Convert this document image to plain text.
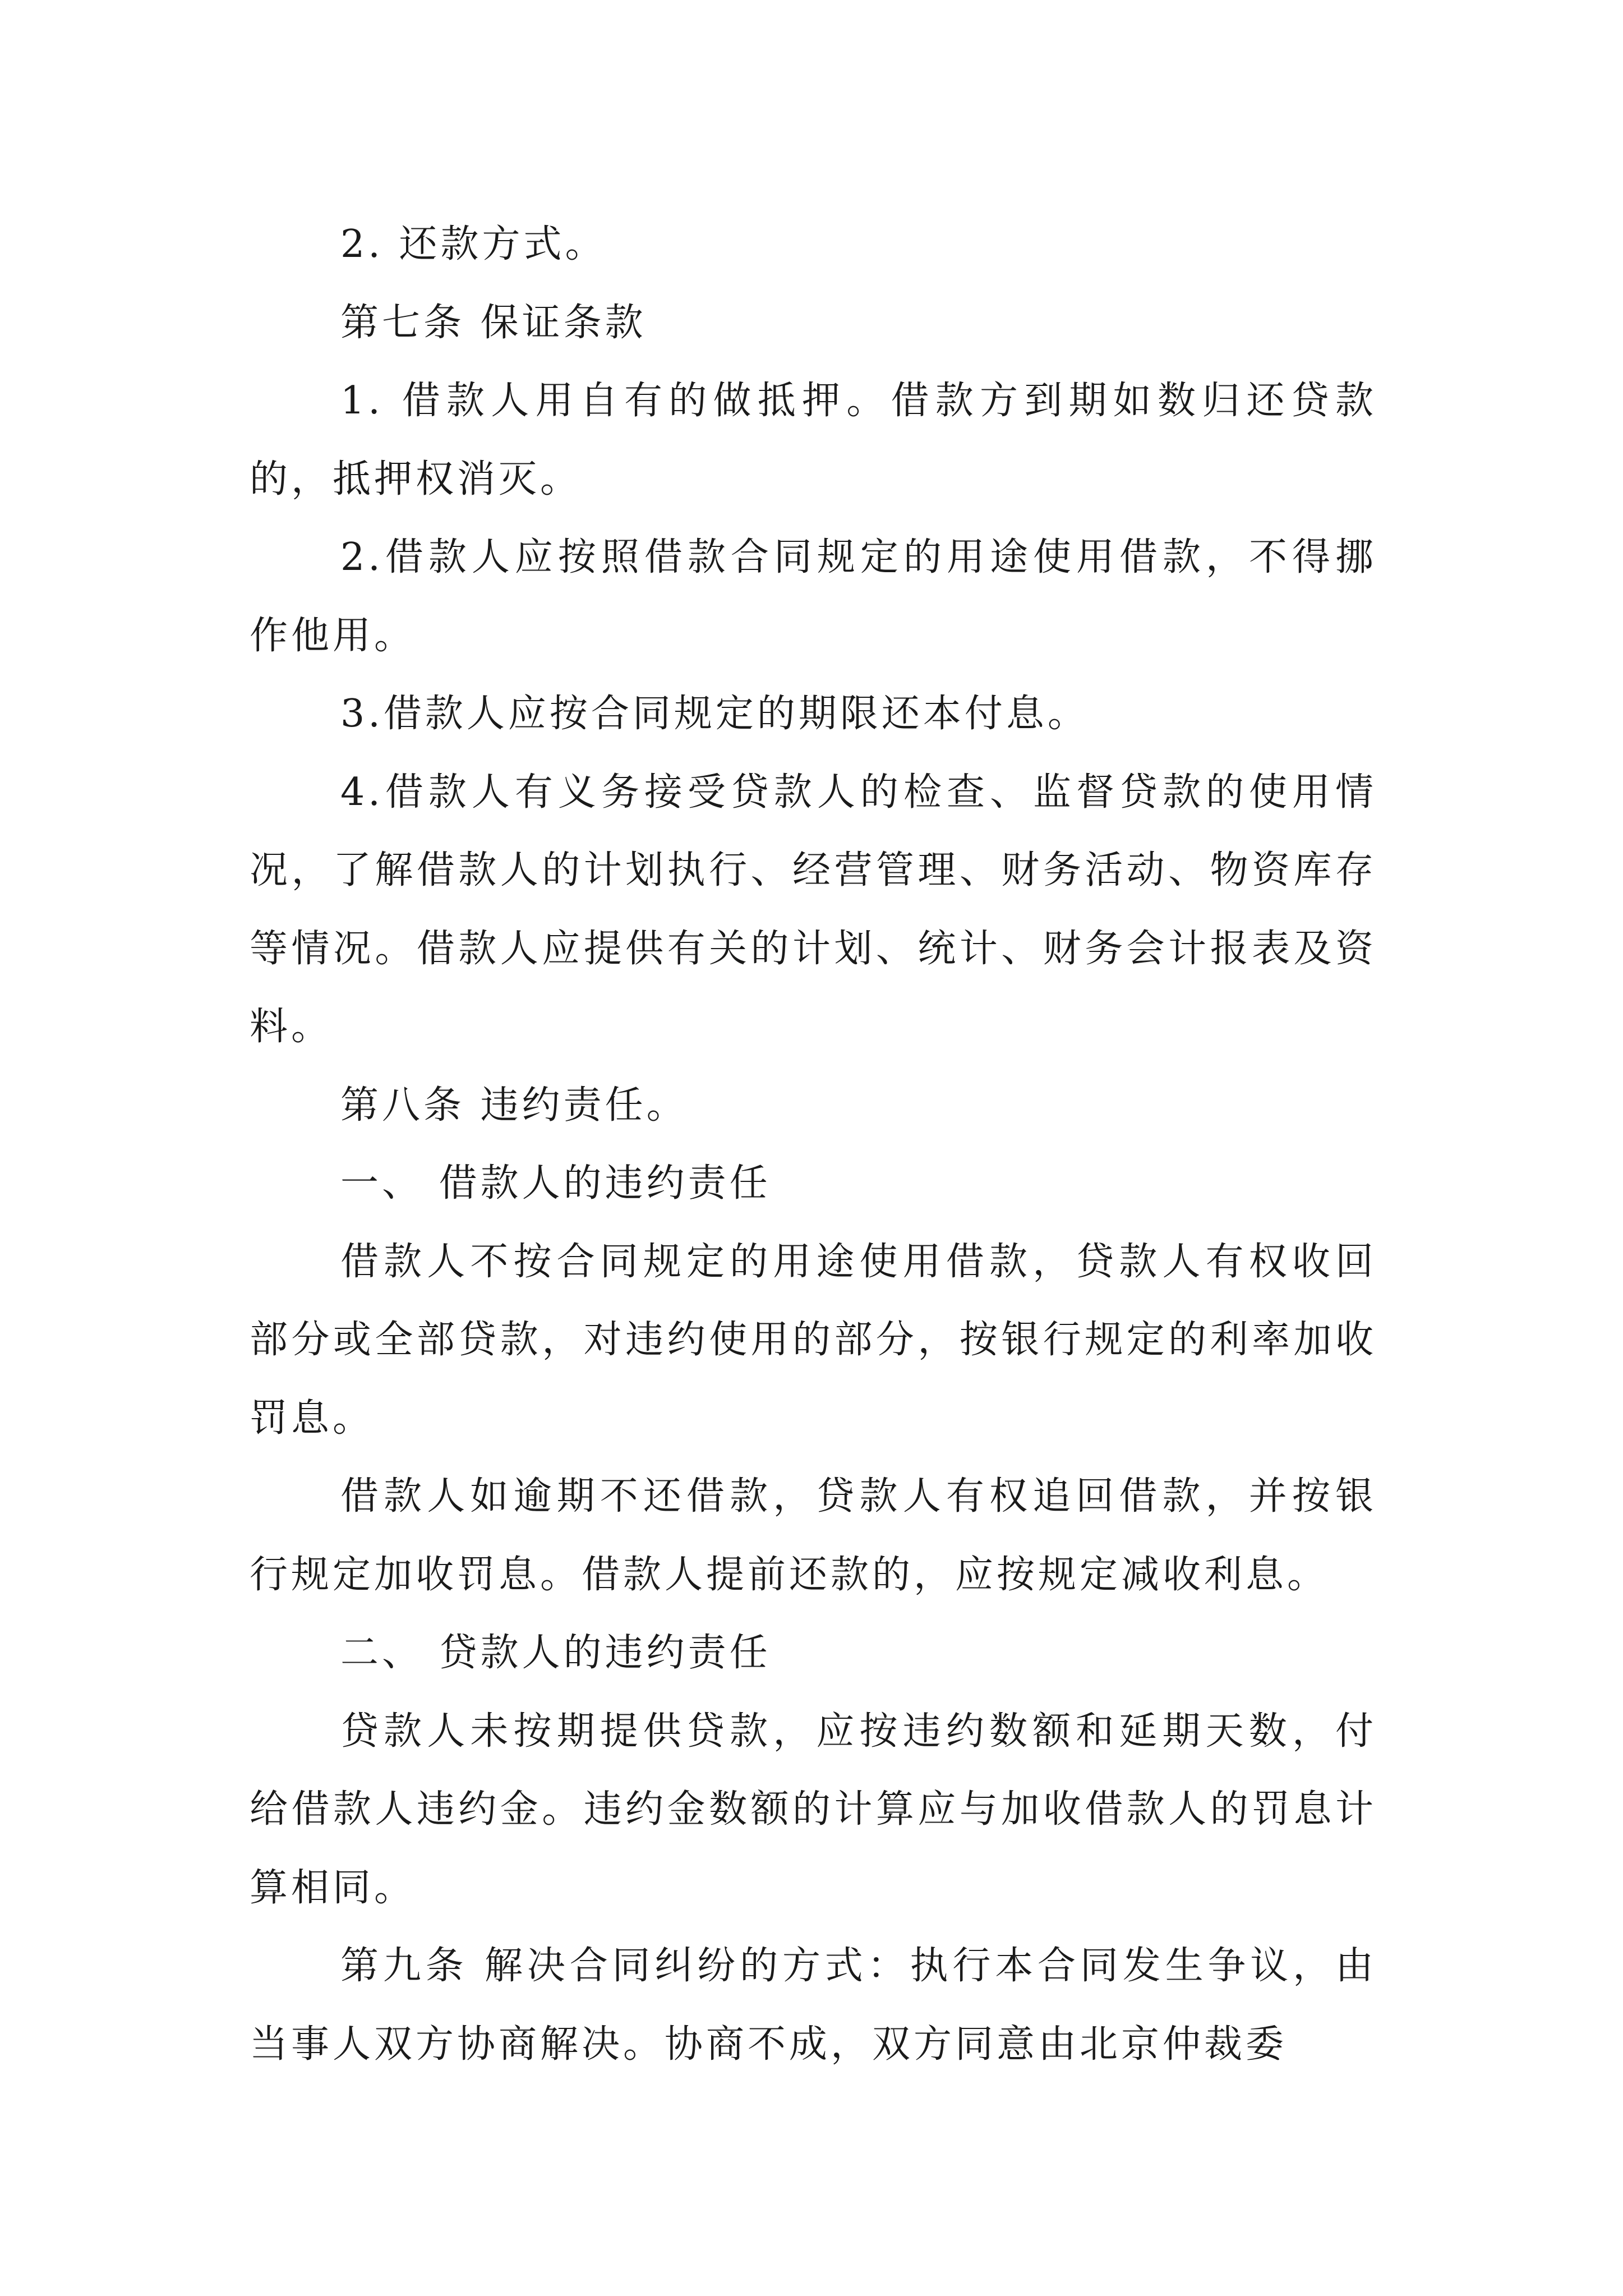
2. 还款方式。

第七条 保证条款

1. 借款人用自有的做抵押。借款方到期如数归还贷款的，抵押权消灭。

2.借款人应按照借款合同规定的用途使用借款，不得挪作他用。

3.借款人应按合同规定的期限还本付息。

4.借款人有义务接受贷款人的检查、监督贷款的使用情况，了解借款人的计划执行、经营管理、财务活动、物资库存等情况。借款人应提供有关的计划、统计、财务会计报表及资料。

第八条 违约责任。

一、 借款人的违约责任

借款人不按合同规定的用途使用借款，贷款人有权收回部分或全部贷款，对违约使用的部分，按银行规定的利率加收罚息。

借款人如逾期不还借款，贷款人有权追回借款，并按银行规定加收罚息。借款人提前还款的，应按规定减收利息。

二、 贷款人的违约责任

贷款人未按期提供贷款，应按违约数额和延期天数，付给借款人违约金。违约金数额的计算应与加收借款人的罚息计算相同。

第九条 解决合同纠纷的方式：执行本合同发生争议，由当事人双方协商解决。协商不成，双方同意由北京仲裁委
